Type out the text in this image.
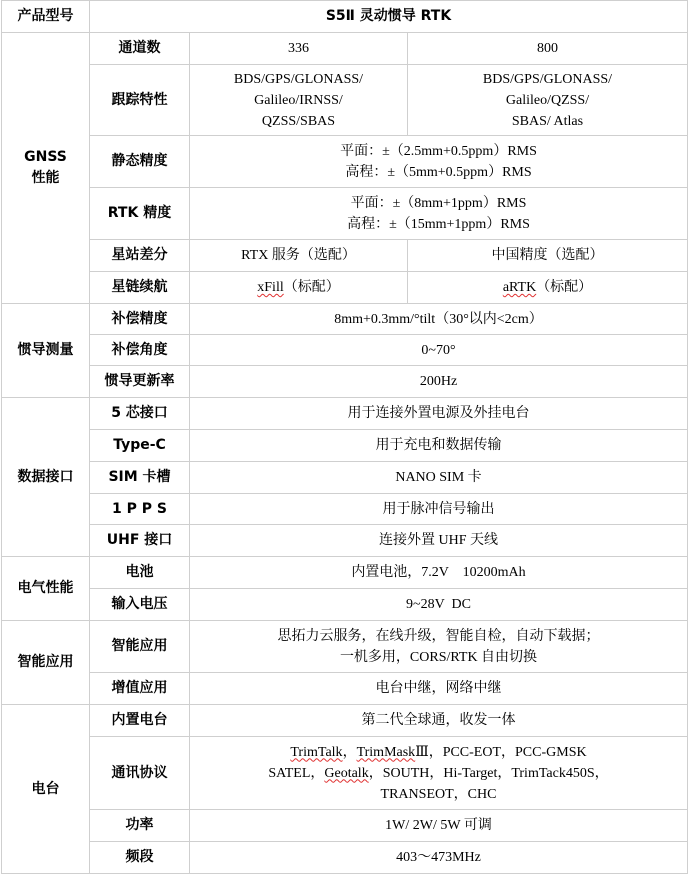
产品型号	S5Ⅱ 灵动惯导 RTK		

GNSS
性能	通道数	336	800
	跟踪特性	BDS/GPS/GLONASS/
Galileo/IRNSS/
QZSS/SBAS	BDS/GPS/GLONASS/
Galileo/QZSS/
SBAS/ Atlas

	静态精度	平面：±（2.5mm+0.5ppm）RMS
高程：±（5mm+0.5ppm）RMS	

	RTK 精度	平面：±（8mm+1ppm）RMS
高程：±（15mm+1ppm）RMS	

	星站差分	RTX 服务（选配）	中国精度（选配）
	星链续航	xFill（标配）	aRTK（标配）
惯导测量	补偿精度	8mm+0.3mm/°tilt（30°以内<2cm）	
	补偿角度	0~70°	
	惯导更新率	200Hz	
数据接口	5 芯接口	用于连接外置电源及外挂电台	
	Type-C	用于充电和数据传输	
	SIM 卡槽	NANO SIM 卡	
	1 P P S	用于脉冲信号输出	
	UHF 接口	连接外置 UHF 天线	
电气性能	电池	内置电池，7.2V    10200mAh	
	输入电压	9~28V  DC	
智能应用	智能应用	思拓力云服务，在线升级，智能自检，自动下载据；
一机多用，CORS/RTK 自由切换	

	增值应用	电台中继，网络中继	
电台	内置电台	第二代全球通，收发一体	
	通讯协议	TrimTalk，TrimMaskⅢ，PCC-EOT，PCC-GMSK
SATEL，Geotalk，SOUTH，Hi-Target，TrimTack450S，
TRANSEOT，CHC	

	功率	1W/ 2W/ 5W 可调	
	频段	403～473MHz	
